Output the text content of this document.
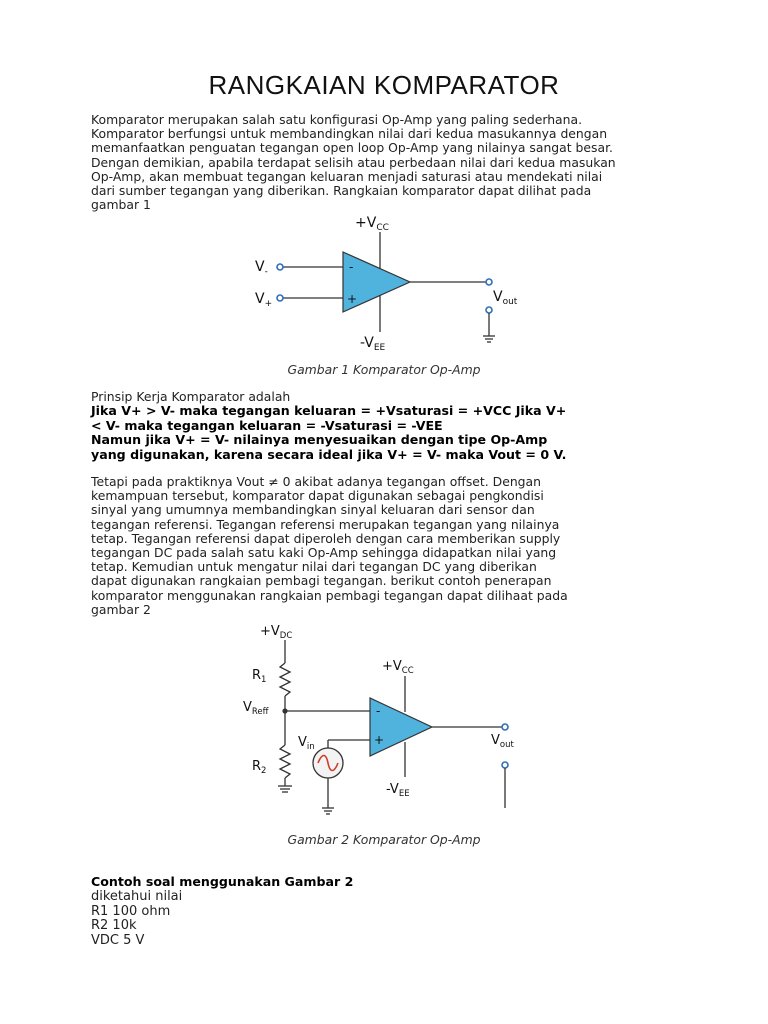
RANGKAIAN KOMPARATOR
Komparator merupakan salah satu konfigurasi Op-Amp yang paling sederhana.
Komparator berfungsi untuk membandingkan nilai dari kedua masukannya dengan
memanfaatkan penguatan tegangan open loop Op-Amp yang nilainya sangat besar.
Dengan demikian, apabila terdapat selisih atau perbedaan nilai dari kedua masukan
Op-Amp, akan membuat tegangan keluaran menjadi saturasi atau mendekati nilai
dari sumber tegangan yang diberikan. Rangkaian komparator dapat dilihat pada
gambar 1
-
+
$+V_{CC}$
$-V_{EE}$
$V_-$
$V_+$	$V_{out}$
Gambar 1 Komparator Op-Amp
Prinsip Kerja Komparator adalah
Jika V+ > V- maka tegangan keluaran = +Vsaturasi = +VCC Jika V+
< V- maka tegangan keluaran = -Vsaturasi = -VEE
Namun jika V+ = V- nilainya menyesuaikan dengan tipe Op-Amp
yang digunakan, karena secara ideal jika V+ = V- maka Vout = 0 V.
Tetapi pada praktiknya Vout ≠ 0 akibat adanya tegangan offset. Dengan
kemampuan tersebut, komparator dapat digunakan sebagai pengkondisi
sinyal yang umumnya membandingkan sinyal keluaran dari sensor dan
tegangan referensi. Tegangan referensi merupakan tegangan yang nilainya
tetap. Tegangan referensi dapat diperoleh dengan cara memberikan supply
tegangan DC pada salah satu kaki Op-Amp sehingga didapatkan nilai yang
tetap. Kemudian untuk mengatur nilai dari tegangan DC yang diberikan
dapat digunakan rangkaian pembagi tegangan. berikut contoh penerapan
komparator menggunakan rangkaian pembagi tegangan dapat dilihaat pada
gambar 2
-
+
$+V_{DC}$
$R_1$
$V_{Reff}$
$R_2$
$V_{in}$
$+V_{CC}$
$-V_{EE}$
$V_{out}$
Gambar 2 Komparator Op-Amp
Contoh soal menggunakan Gambar 2
diketahui nilai
R1 100 ohm
R2 10k
VDC 5 V
